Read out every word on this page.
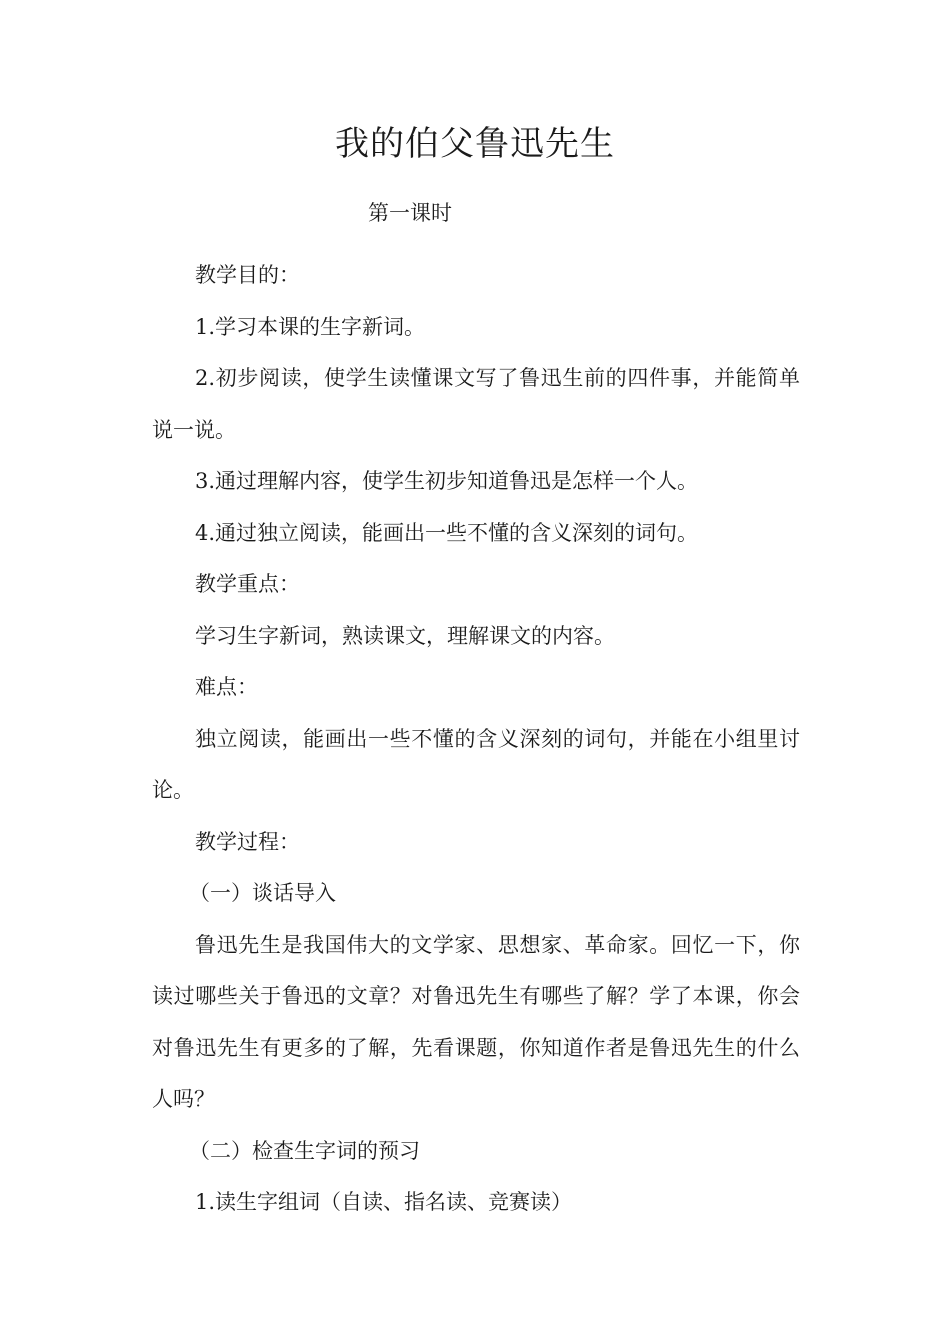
我的伯父鲁迅先生
第一课时

教学目的：

1.学习本课的生字新词。

2.初步阅读，使学生读懂课文写了鲁迅生前的四件事，并能简单说一说。

3.通过理解内容，使学生初步知道鲁迅是怎样一个人。

4.通过独立阅读，能画出一些不懂的含义深刻的词句。

教学重点：

学习生字新词，熟读课文，理解课文的内容。

难点：

独立阅读，能画出一些不懂的含义深刻的词句，并能在小组里讨论。

教学过程：

（一）谈话导入

鲁迅先生是我国伟大的文学家、思想家、革命家。回忆一下，你读过哪些关于鲁迅的文章？对鲁迅先生有哪些了解？学了本课，你会对鲁迅先生有更多的了解，先看课题，你知道作者是鲁迅先生的什么人吗？

（二）检查生字词的预习

1.读生字组词（自读、指名读、竞赛读）
